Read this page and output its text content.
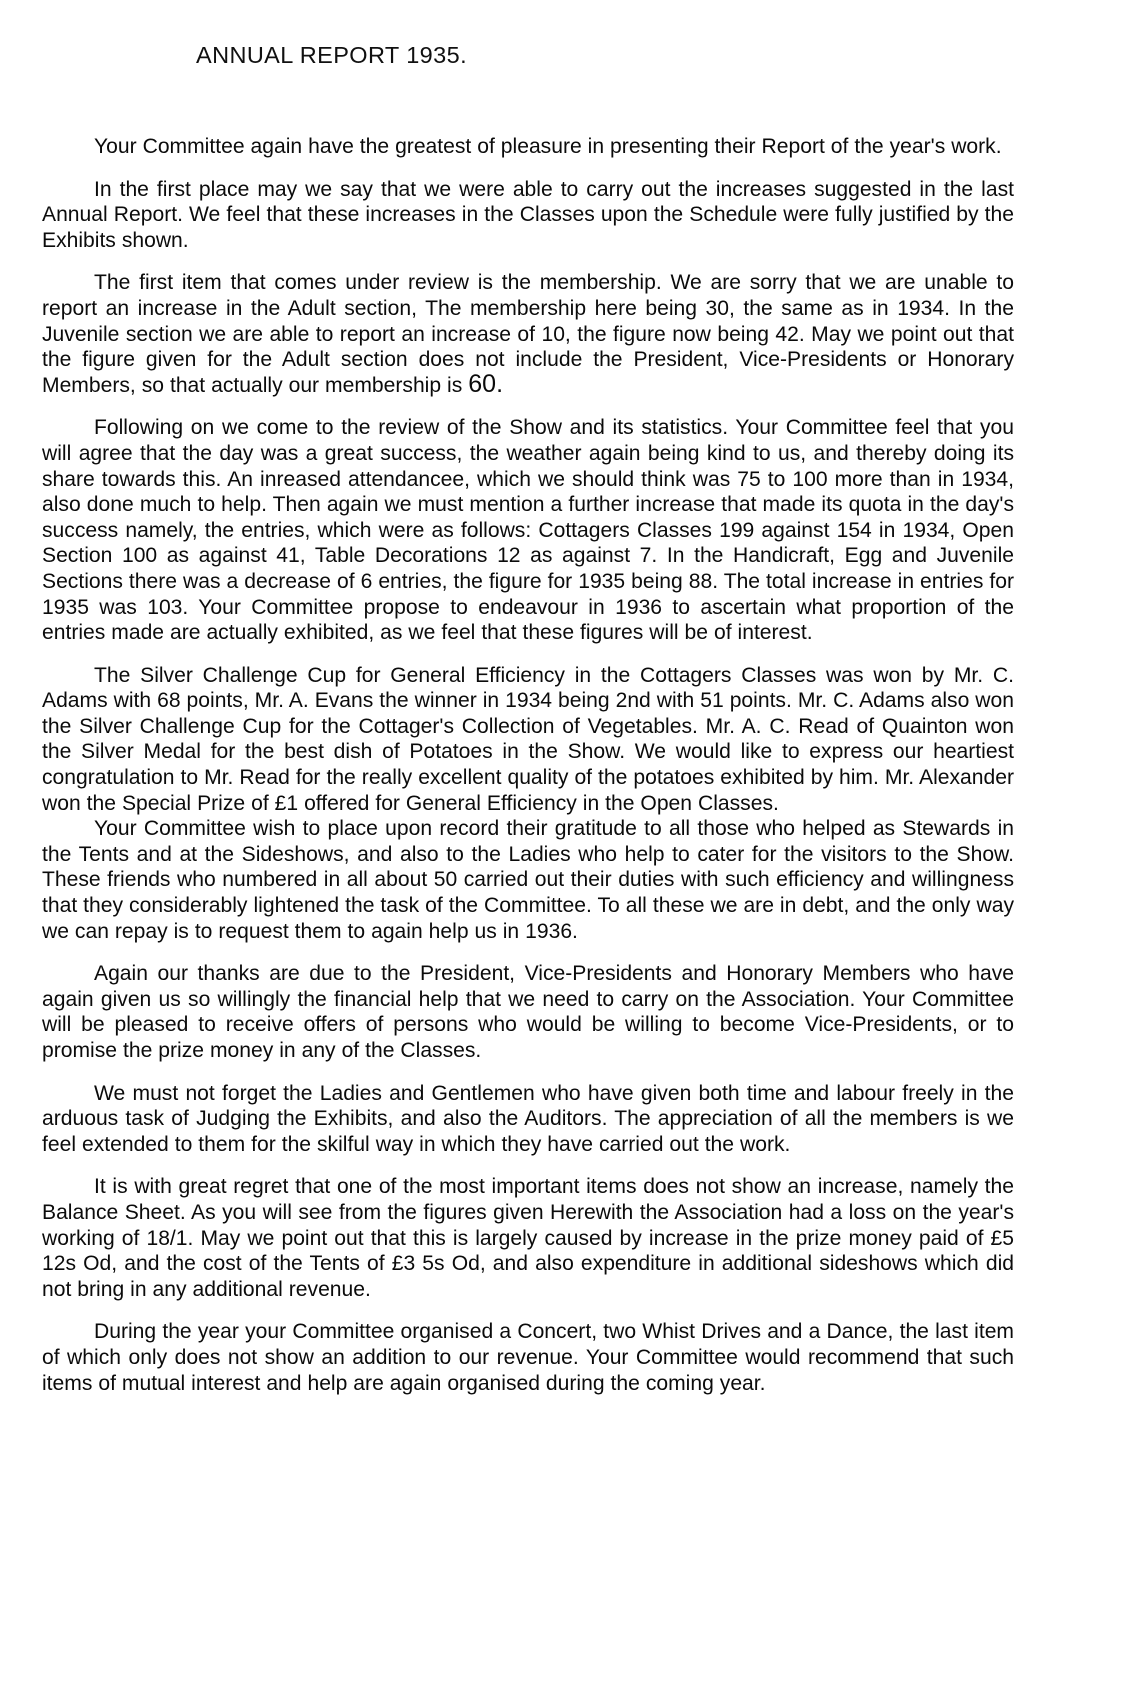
ANNUAL REPORT 1935.

Your Committee again have the greatest of pleasure in presenting their Report of the year's work.

In the first place may we say that we were able to carry out the increases suggested in the last Annual Report. We feel that these increases in the Classes upon the Schedule were fully justified by the Exhibits shown.

The first item that comes under review is the membership. We are sorry that we are unable to report an increase in the Adult section, The membership here being 30, the same as in 1934. In the Juvenile section we are able to report an increase of 10, the figure now being 42. May we point out that the figure given for the Adult section does not include the President, Vice-Presidents or Honorary Members, so that actually our membership is 60.

Following on we come to the review of the Show and its statistics. Your Committee feel that you will agree that the day was a great success, the weather again being kind to us, and thereby doing its share towards this. An inreased attendancee, which we should think was 75 to 100 more than in 1934, also done much to help. Then again we must mention a further increase that made its quota in the day's success namely, the entries, which were as follows: Cottagers Classes 199 against 154 in 1934, Open Section 100 as against 41, Table Decorations 12 as against 7. In the Handicraft, Egg and Juvenile Sections there was a decrease of 6 entries, the figure for 1935 being 88. The total increase in entries for 1935 was 103. Your Committee propose to endeavour in 1936 to ascertain what proportion of the entries made are actually exhibited, as we feel that these figures will be of interest.

The Silver Challenge Cup for General Efficiency in the Cottagers Classes was won by Mr. C. Adams with 68 points, Mr. A. Evans the winner in 1934 being 2nd with 51 points. Mr. C. Adams also won the Silver Challenge Cup for the Cottager's Collection of Vegetables. Mr. A. C. Read of Quainton won the Silver Medal for the best dish of Potatoes in the Show. We would like to express our heartiest congratulation to Mr. Read for the really excellent quality of the potatoes exhibited by him. Mr. Alexander won the Special Prize of £1 offered for General Efficiency in the Open Classes.

Your Committee wish to place upon record their gratitude to all those who helped as Stewards in the Tents and at the Sideshows, and also to the Ladies who help to cater for the visitors to the Show. These friends who numbered in all about 50 carried out their duties with such efficiency and willingness that they considerably lightened the task of the Committee. To all these we are in debt, and the only way we can repay is to request them to again help us in 1936.

Again our thanks are due to the President, Vice-Presidents and Honorary Members who have again given us so willingly the financial help that we need to carry on the Association. Your Committee will be pleased to receive offers of persons who would be willing to become Vice-Presidents, or to promise the prize money in any of the Classes.

We must not forget the Ladies and Gentlemen who have given both time and labour freely in the arduous task of Judging the Exhibits, and also the Auditors. The appreciation of all the members is we feel extended to them for the skilful way in which they have carried out the work.

It is with great regret that one of the most important items does not show an increase, namely the Balance Sheet. As you will see from the figures given Herewith the Association had a loss on the year's working of 18/1. May we point out that this is largely caused by increase in the prize money paid of £5 12s Od, and the cost of the Tents of £3 5s Od, and also expenditure in additional sideshows which did not bring in any additional revenue.

During the year your Committee organised a Concert, two Whist Drives and a Dance, the last item of which only does not show an addition to our revenue. Your Committee would recommend that such items of mutual interest and help are again organised during the coming year.
